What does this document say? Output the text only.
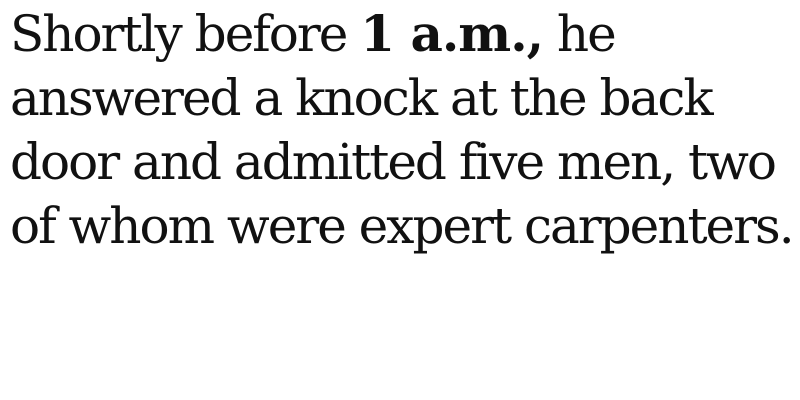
Shortly before 1 a.m., he
answered a knock at the back
door and admitted five men, two
of whom were expert carpenters.
